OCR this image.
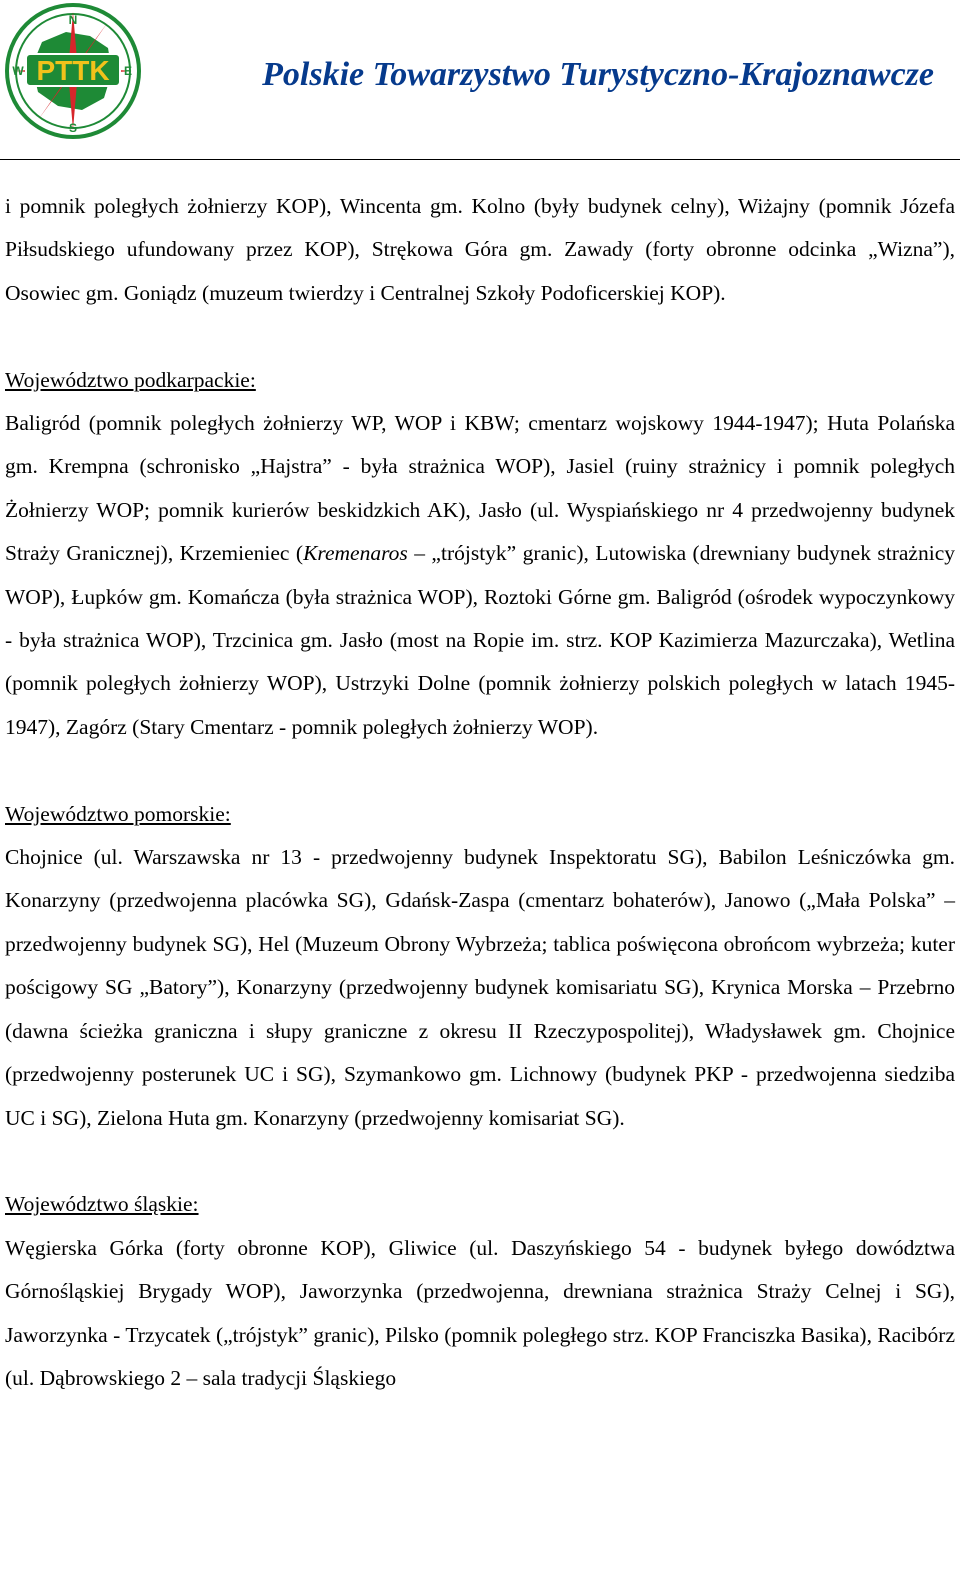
PTTK
N
S
W	E	Polskie Towarzystwo Turystyczno-Krajoznawcze

i pomnik poległych żołnierzy KOP), Wincenta gm. Kolno (były budynek celny), Wiżajny (pomnik Józefa Piłsudskiego ufundowany przez KOP), Strękowa Góra gm. Zawady (forty obronne odcinka „Wizna”), Osowiec gm. Goniądz (muzeum twierdzy i Centralnej Szkoły Podoficerskiej KOP).

Województwo podkarpackie:

Baligród (pomnik poległych żołnierzy WP, WOP i KBW; cmentarz wojskowy 1944-1947); Huta Polańska gm. Krempna (schronisko „Hajstra” - była strażnica WOP), Jasiel (ruiny strażnicy i pomnik poległych Żołnierzy WOP; pomnik kurierów beskidzkich AK), Jasło (ul. Wyspiańskiego nr 4 przedwojenny budynek Straży Granicznej), Krzemieniec (Kremenaros – „trójstyk” granic), Lutowiska (drewniany budynek strażnicy WOP), Łupków gm. Komańcza (była strażnica WOP), Roztoki Górne gm. Baligród (ośrodek wypoczynkowy - była strażnica WOP), Trzcinica gm. Jasło (most na Ropie im. strz. KOP Kazimierza Mazurczaka), Wetlina (pomnik poległych żołnierzy WOP), Ustrzyki Dolne (pomnik żołnierzy polskich poległych w latach 1945-1947), Zagórz (Stary Cmentarz - pomnik poległych żołnierzy WOP).

Województwo pomorskie:

Chojnice (ul. Warszawska nr 13 - przedwojenny budynek Inspektoratu SG), Babilon Leśniczówka gm. Konarzyny (przedwojenna placówka SG), Gdańsk-Zaspa (cmentarz bohaterów), Janowo („Mała Polska” – przedwojenny budynek SG), Hel (Muzeum Obrony Wybrzeża; tablica poświęcona obrońcom wybrzeża; kuter pościgowy SG „Batory”), Konarzyny (przedwojenny budynek komisariatu SG), Krynica Morska – Przebrno (dawna ścieżka graniczna i słupy graniczne z okresu II Rzeczypospolitej), Władysławek gm. Chojnice (przedwojenny posterunek UC i SG), Szymankowo gm. Lichnowy (budynek PKP - przedwojenna siedziba UC i SG), Zielona Huta gm. Konarzyny (przedwojenny komisariat SG).

Województwo śląskie:

Węgierska Górka (forty obronne KOP), Gliwice (ul. Daszyńskiego 54 - budynek byłego dowództwa Górnośląskiej Brygady WOP), Jaworzynka (przedwojenna, drewniana strażnica Straży Celnej i SG), Jaworzynka - Trzycatek („trójstyk” granic), Pilsko (pomnik poległego strz. KOP Franciszka Basika), Racibórz (ul. Dąbrowskiego 2 – sala tradycji Śląskiego
